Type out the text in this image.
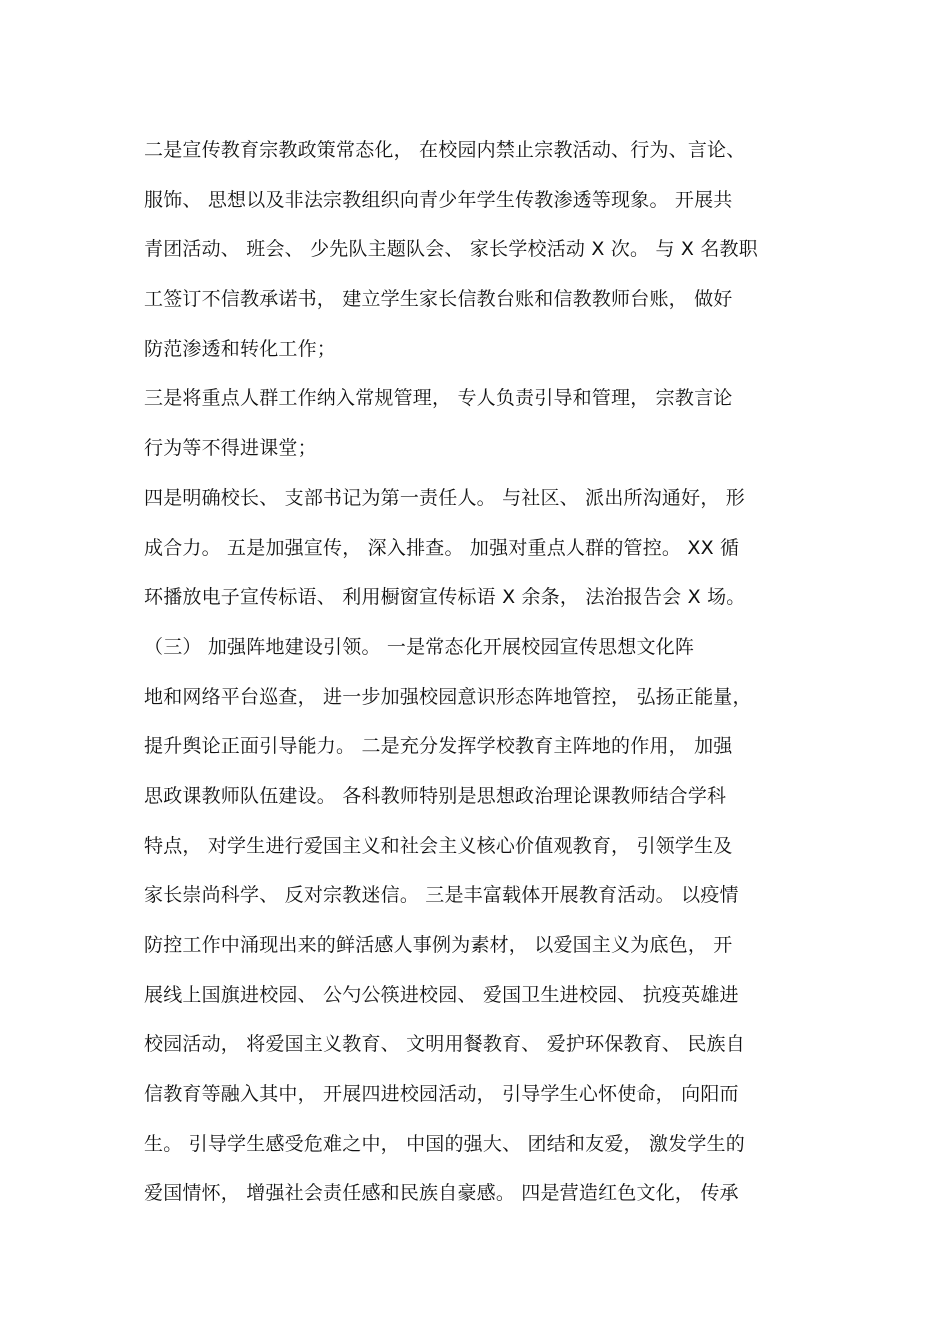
二是宣传教育宗教政策常态化， 在校园内禁止宗教活动、行为、言论、
服饰、 思想以及非法宗教组织向青少年学生传教渗透等现象。 开展共
青团活动、 班会、 少先队主题队会、 家长学校活动 X 次。 与 X 名教职
工签订不信教承诺书， 建立学生家长信教台账和信教教师台账， 做好
防范渗透和转化工作；
三是将重点人群工作纳入常规管理， 专人负责引导和管理， 宗教言论
行为等不得进课堂；
四是明确校长、 支部书记为第一责任人。 与社区、 派出所沟通好， 形
成合力。 五是加强宣传， 深入排查。 加强对重点人群的管控。 XX 循
环播放电子宣传标语、 利用橱窗宣传标语 X 余条， 法治报告会 X 场。
（三） 加强阵地建设引领。 一是常态化开展校园宣传思想文化阵
地和网络平台巡查， 进一步加强校园意识形态阵地管控， 弘扬正能量，
提升舆论正面引导能力。 二是充分发挥学校教育主阵地的作用， 加强
思政课教师队伍建设。 各科教师特别是思想政治理论课教师结合学科
特点， 对学生进行爱国主义和社会主义核心价值观教育， 引领学生及
家长崇尚科学、 反对宗教迷信。 三是丰富载体开展教育活动。 以疫情
防控工作中涌现出来的鲜活感人事例为素材， 以爱国主义为底色， 开
展线上国旗进校园、 公勺公筷进校园、 爱国卫生进校园、 抗疫英雄进
校园活动， 将爱国主义教育、 文明用餐教育、 爱护环保教育、 民族自
信教育等融入其中， 开展四进校园活动， 引导学生心怀使命， 向阳而
生。 引导学生感受危难之中， 中国的强大、 团结和友爱， 激发学生的
爱国情怀， 增强社会责任感和民族自豪感。 四是营造红色文化， 传承
